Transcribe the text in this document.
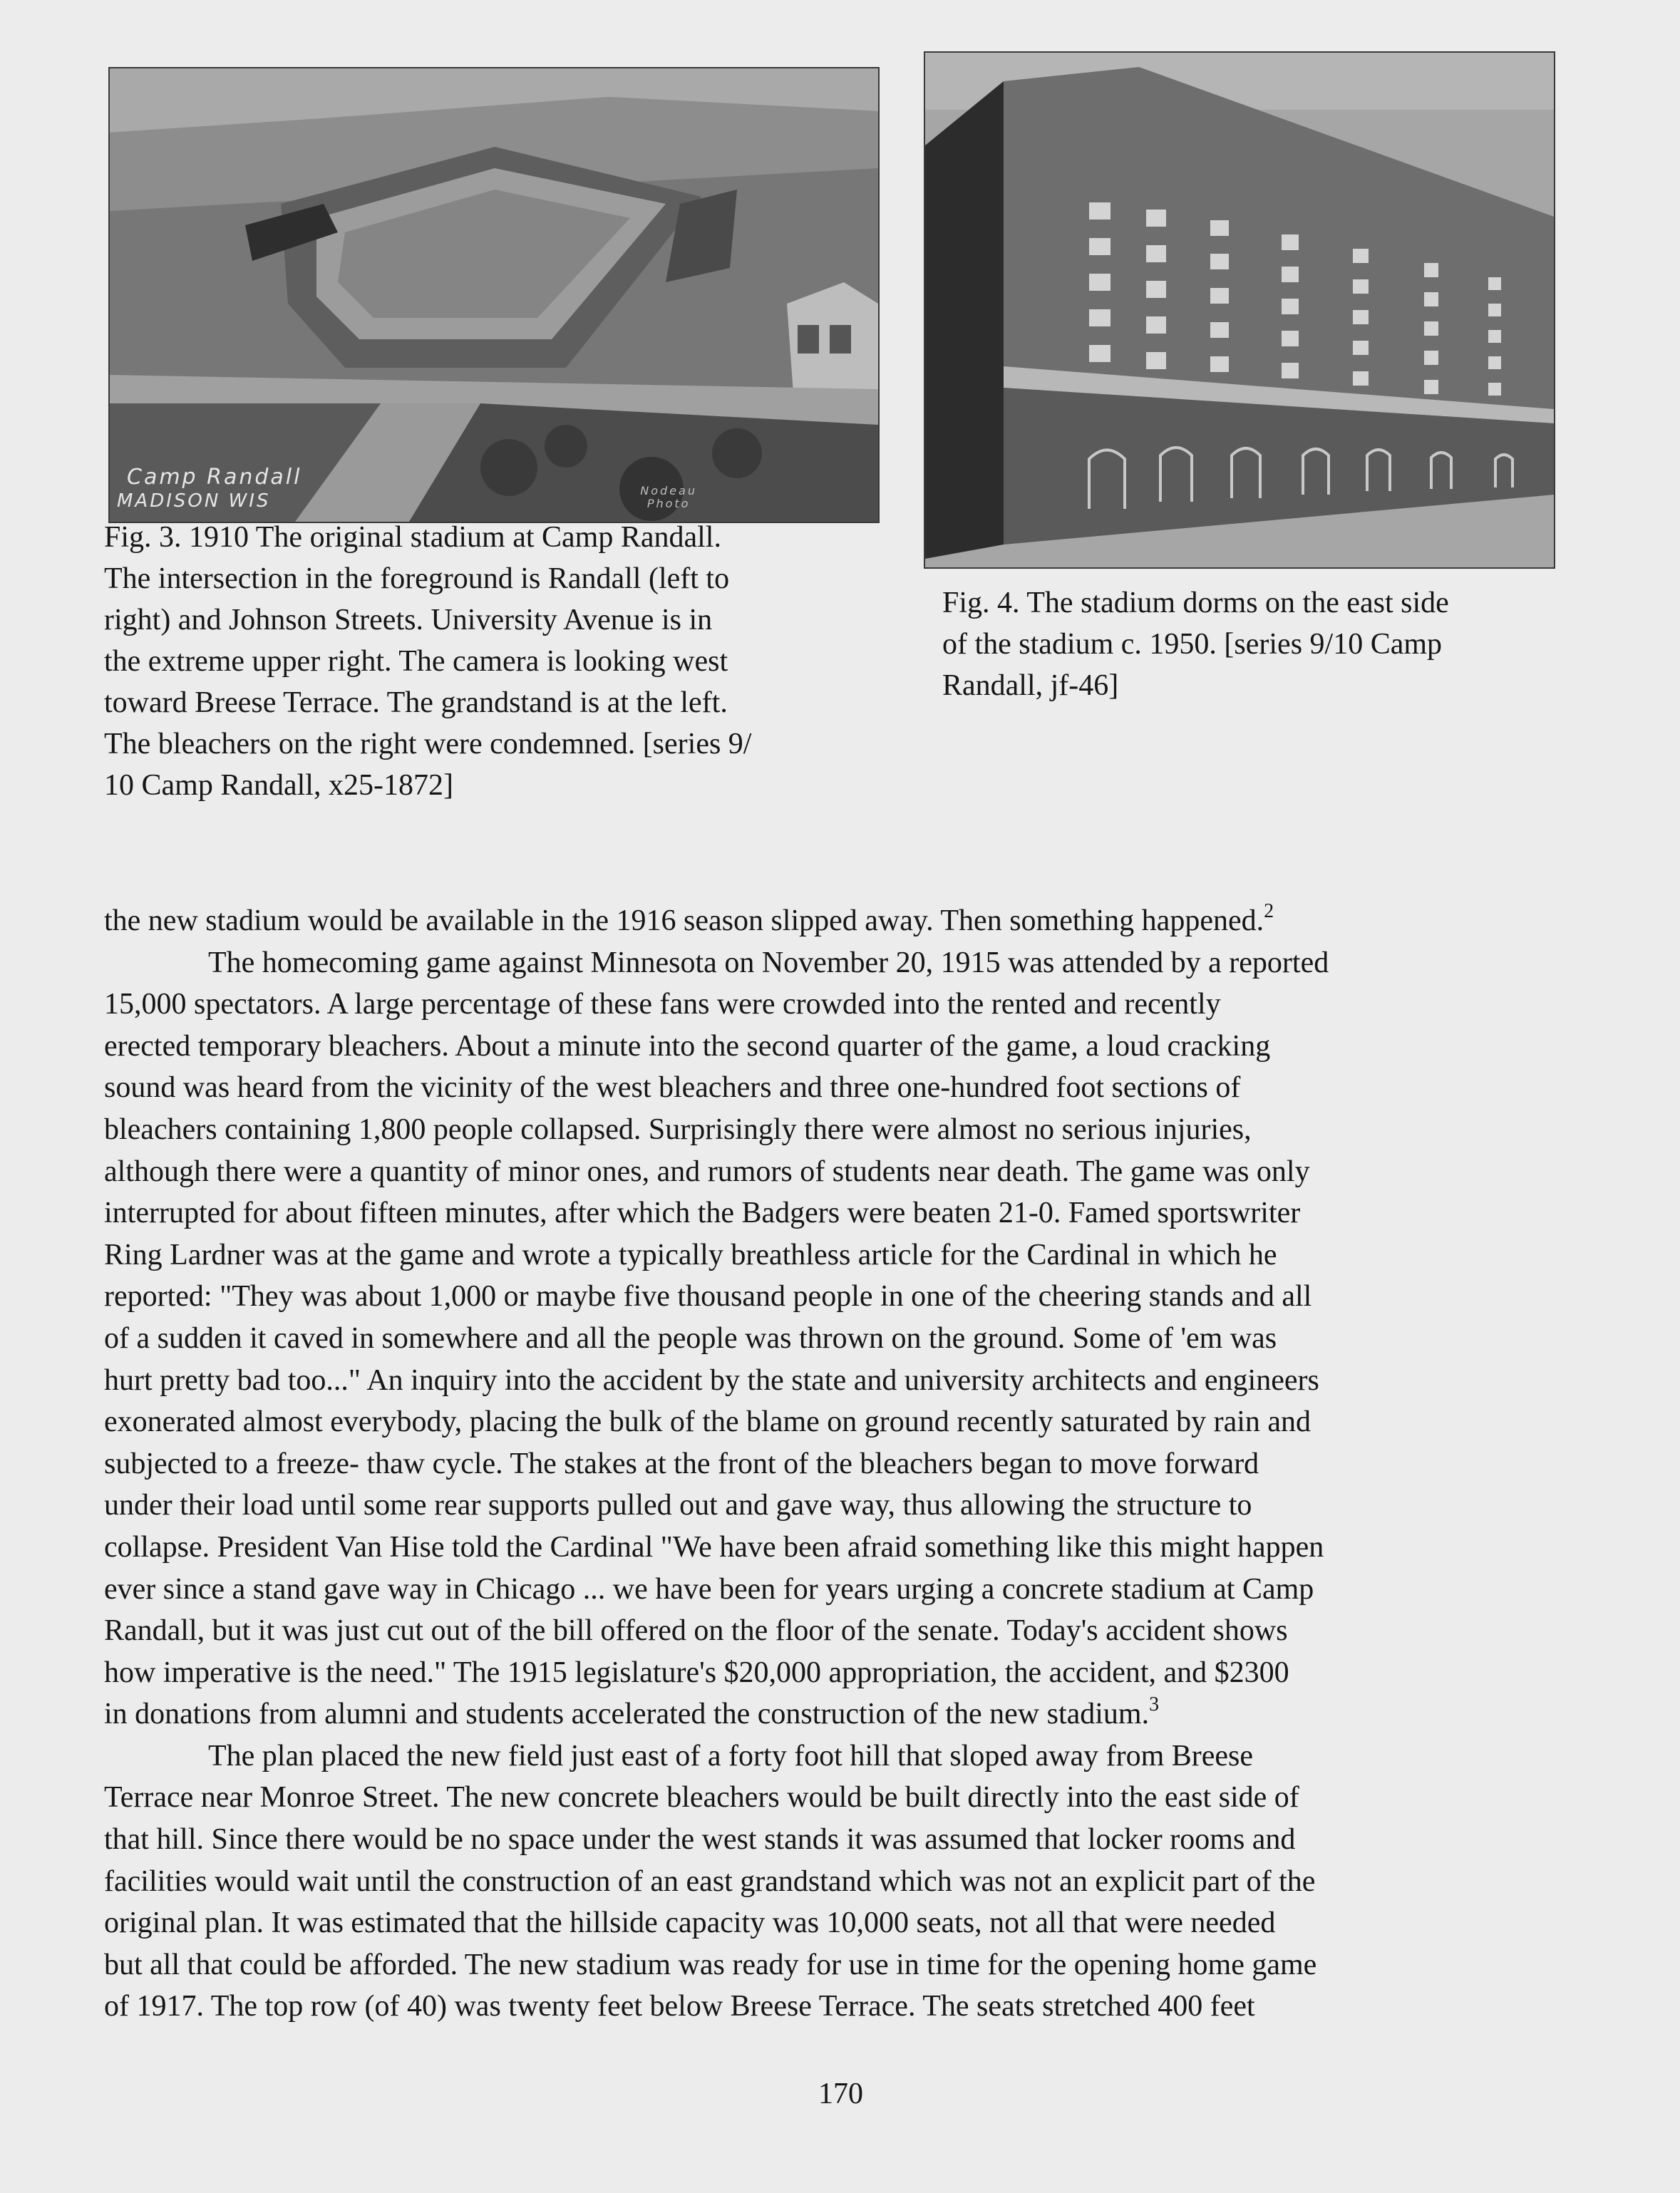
Camp Randall
MADISON WIS	Nodeau
Photo
Fig. 3. 1910 The original stadium at Camp Randall.
The intersection in the foreground is Randall (left to
right) and Johnson Streets. University Avenue is in
the extreme upper right. The camera is looking west
toward Breese Terrace. The grandstand is at the left.
The bleachers on the right were condemned. [series 9/
10 Camp Randall, x25-1872]
Fig. 4. The stadium dorms on the east side
of the stadium c. 1950. [series 9/10 Camp
Randall, jf-46]
the new stadium would be available in the 1916 season slipped away. Then something happened.$^2$
The homecoming game against Minnesota on November 20, 1915 was attended by a reported
15,000 spectators. A large percentage of these fans were crowded into the rented and recently
erected temporary bleachers. About a minute into the second quarter of the game, a loud cracking
sound was heard from the vicinity of the west bleachers and three one-hundred foot sections of
bleachers containing 1,800 people collapsed. Surprisingly there were almost no serious injuries,
although there were a quantity of minor ones, and rumors of students near death. The game was only
interrupted for about fifteen minutes, after which the Badgers were beaten 21-0. Famed sportswriter
Ring Lardner was at the game and wrote a typically breathless article for the Cardinal in which he
reported: "They was about 1,000 or maybe five thousand people in one of the cheering stands and all
of a sudden it caved in somewhere and all the people was thrown on the ground. Some of 'em was
hurt pretty bad too..." An inquiry into the accident by the state and university architects and engineers
exonerated almost everybody, placing the bulk of the blame on ground recently saturated by rain and
subjected to a freeze- thaw cycle. The stakes at the front of the bleachers began to move forward
under their load until some rear supports pulled out and gave way, thus allowing the structure to
collapse. President Van Hise told the Cardinal "We have been afraid something like this might happen
ever since a stand gave way in Chicago ... we have been for years urging a concrete stadium at Camp
Randall, but it was just cut out of the bill offered on the floor of the senate. Today's accident shows
how imperative is the need." The 1915 legislature's $20,000 appropriation, the accident, and $2300
in donations from alumni and students accelerated the construction of the new stadium.$^3$
The plan placed the new field just east of a forty foot hill that sloped away from Breese
Terrace near Monroe Street. The new concrete bleachers would be built directly into the east side of
that hill. Since there would be no space under the west stands it was assumed that locker rooms and
facilities would wait until the construction of an east grandstand which was not an explicit part of the
original plan. It was estimated that the hillside capacity was 10,000 seats, not all that were needed
but all that could be afforded. The new stadium was ready for use in time for the opening home game
of 1917. The top row (of 40) was twenty feet below Breese Terrace. The seats stretched 400 feet
170
